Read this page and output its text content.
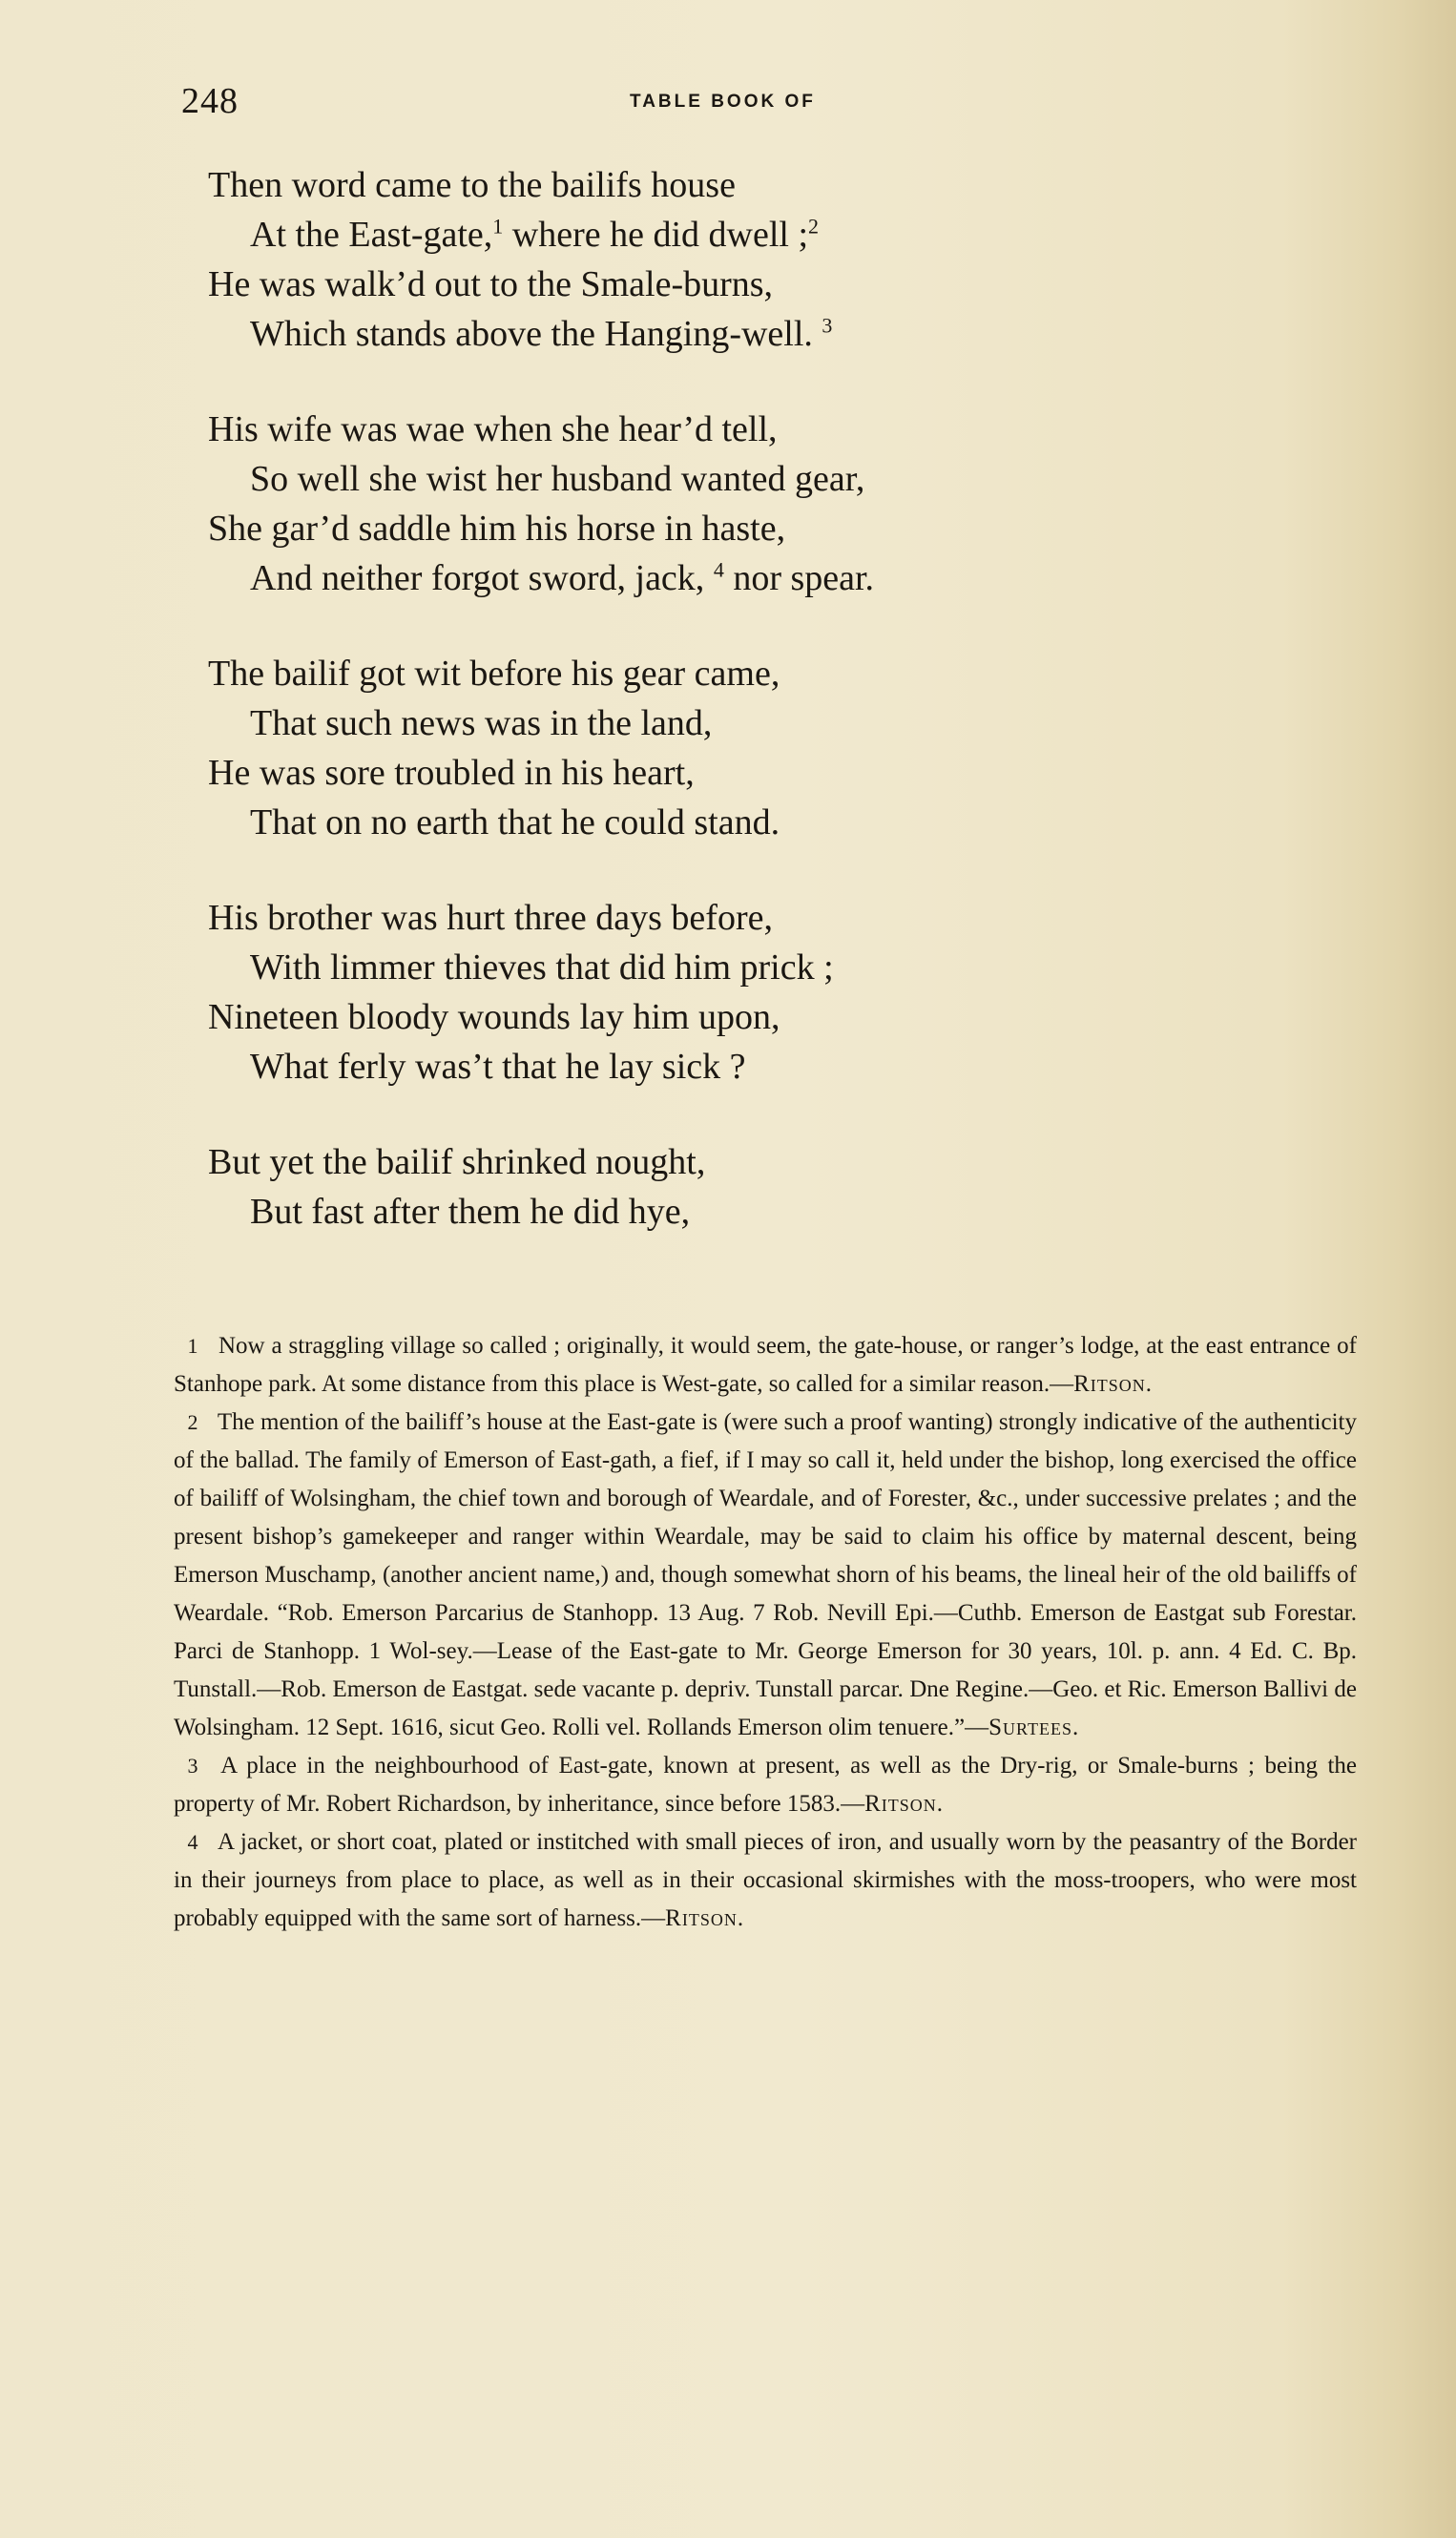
248	TABLE BOOK OF
Then word came to the bailifs house
At the East-gate,$^1$ where he did dwell ;$^2$
He was walk’d out to the Smale-burns,
Which stands above the Hanging-well. $^3$
His wife was wae when she hear’d tell,
So well she wist her husband wanted gear,
She gar’d saddle him his horse in haste,
And neither forgot sword, jack, $^4$ nor spear.
The bailif got wit before his gear came,
That such news was in the land,
He was sore troubled in his heart,
That on no earth that he could stand.
His brother was hurt three days before,
With limmer thieves that did him prick ;
Nineteen bloody wounds lay him upon,
What ferly was’t that he lay sick ?
But yet the bailif shrinked nought,
But fast after them he did hye,
1 Now a straggling village so called ; originally, it would seem, the gate-house, or ranger’s lodge, at the east entrance of Stanhope park. At some distance from this place is West-gate, so called for a similar reason.—Ritson.
2 The mention of the bailiff’s house at the East-gate is (were such a proof wanting) strongly indicative of the authenticity of the ballad. The family of Emerson of East-gath, a fief, if I may so call it, held under the bishop, long exercised the office of bailiff of Wolsingham, the chief town and borough of Weardale, and of Forester, &c., under successive prelates ; and the present bishop’s gamekeeper and ranger within Weardale, may be said to claim his office by maternal descent, being Emerson Muschamp, (another ancient name,) and, though somewhat shorn of his beams, the lineal heir of the old bailiffs of Weardale. “Rob. Emerson Parcarius de Stanhopp. 13 Aug. 7 Rob. Nevill Epi.—Cuthb. Emerson de Eastgat sub Forestar. Parci de Stanhopp. 1 Wol-sey.—Lease of the East-gate to Mr. George Emerson for 30 years, 10l. p. ann. 4 Ed. C. Bp. Tunstall.—Rob. Emerson de Eastgat. sede vacante p. depriv. Tunstall parcar. Dne Regine.—Geo. et Ric. Emerson Ballivi de Wolsingham. 12 Sept. 1616, sicut Geo. Rolli vel. Rollands Emerson olim tenuere.”—Surtees.
3 A place in the neighbourhood of East-gate, known at present, as well as the Dry-rig, or Smale-burns ; being the property of Mr. Robert Richardson, by inheritance, since before 1583.—Ritson.
4 A jacket, or short coat, plated or institched with small pieces of iron, and usually worn by the peasantry of the Border in their journeys from place to place, as well as in their occasional skirmishes with the moss-troopers, who were most probably equipped with the same sort of harness.—Ritson.
